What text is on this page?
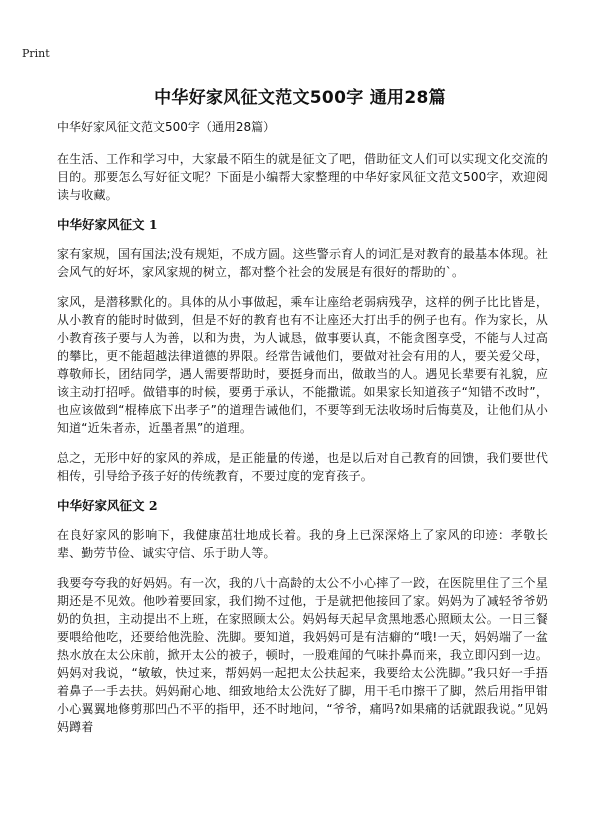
Print
中华好家风征文范文500字 通用28篇
中华好家风征文范文500字（通用28篇）

在生活、工作和学习中，大家最不陌生的就是征文了吧，借助征文人们可以实现文化交流的目的。那要怎么写好征文呢？下面是小编帮大家整理的中华好家风征文范文500字，欢迎阅读与收藏。

中华好家风征文 1

家有家规，国有国法;没有规矩，不成方圆。这些警示育人的词汇是对教育的最基本体现。社会风气的好坏，家风家规的树立，都对整个社会的发展是有很好的帮助的`。

家风，是潜移默化的。具体的从小事做起，乘车让座给老弱病残孕，这样的例子比比皆是，从小教育的能时时做到，但是不好的教育也有不让座还大打出手的例子也有。作为家长，从小教育孩子要与人为善，以和为贵，为人诚恳，做事要认真，不能贪图享受，不能与人过高的攀比，更不能超越法律道德的界限。经常告诫他们，要做对社会有用的人，要关爱父母，尊敬师长，团结同学，遇人需要帮助时，要挺身而出，做敢当的人。遇见长辈要有礼貌，应该主动打招呼。做错事的时候，要勇于承认，不能撒谎。如果家长知道孩子“知错不改时”，也应该做到“棍棒底下出孝子”的道理告诫他们，不要等到无法收场时后悔莫及，让他们从小知道“近朱者赤，近墨者黑”的道理。

总之，无形中好的家风的养成，是正能量的传递，也是以后对自己教育的回馈，我们要世代相传，引导给予孩子好的传统教育，不要过度的宠育孩子。

中华好家风征文 2

在良好家风的影响下，我健康茁壮地成长着。我的身上已深深烙上了家风的印迹：孝敬长辈、勤劳节俭、诚实守信、乐于助人等。

我要夸夸我的好妈妈。有一次，我的八十高龄的太公不小心摔了一跤，在医院里住了三个星期还是不见效。他吵着要回家，我们拗不过他，于是就把他接回了家。妈妈为了减轻爷爷奶奶的负担，主动提出不上班，在家照顾太公。妈妈每天起早贪黑地悉心照顾太公。一日三餐要喂给他吃，还要给他洗脸、洗脚。要知道，我妈妈可是有洁癖的“哦!一天，妈妈端了一盆热水放在太公床前，掀开太公的被子，顿时，一股难闻的气味扑鼻而来，我立即闪到一边。妈妈对我说，“敏敏，快过来，帮妈妈一起把太公扶起来，我要给太公洗脚。”我只好一手捂着鼻子一手去扶。妈妈耐心地、细致地给太公洗好了脚，用干毛巾擦干了脚，然后用指甲钳小心翼翼地修剪那凹凸不平的指甲，还不时地问，“爷爷，痛吗?如果痛的话就跟我说。”见妈妈蹲着
